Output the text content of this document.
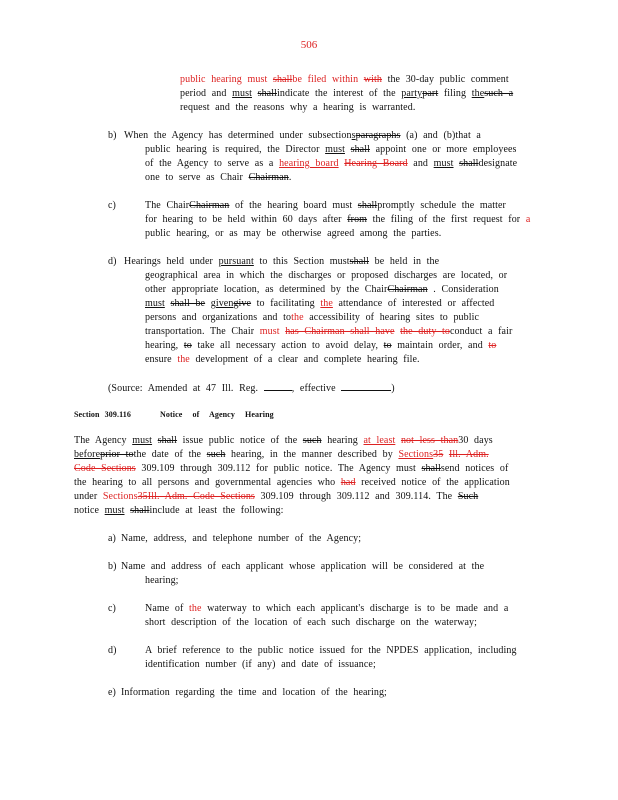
506
public hearing must shallbe filed within with the 30-day public comment
period and must shallindicate the interest of the partypart filing thesuch a
request and the reasons why a hearing is warranted.
b) When the Agency has determined under subsectionsparagraphs (a) and (b)that a
public hearing is required, the Director must shall appoint one or more employees
of the Agency to serve as a hearing board Hearing Board and must shalldesignate
one to serve as Chair Chairman.
c)	The ChairChairman of the hearing board must shallpromptly schedule the matter
for hearing to be held within 60 days after from the filing of the first request for a
public hearing, or as may be otherwise agreed among the parties.
d) Hearings held under pursuant to this Section mustshall be held in the
geographical area in which the discharges or proposed discharges are located, or
other appropriate location, as determined by the ChairChairman . Consideration
must shall be givengive to facilitating the attendance of interested or affected
persons and organizations and tothe accessibility of hearing sites to public
transportation. The Chair must has Chairman shall have the duty toconduct a fair
hearing, to take all necessary action to avoid delay, to maintain order, and to
ensure the development of a clear and complete hearing file.
(Source: Amended at 47 Ill. Reg.	, effective	)
Section 309.116	Notice of Agency Hearing
The Agency must shall issue public notice of the such hearing at least not less than30 days
beforeprior tothe date of the such hearing, in the manner described by Sections35 Ill. Adm.
Code Sections 309.109 through 309.112 for public notice. The Agency must shallsend notices of
the hearing to all persons and governmental agencies who had received notice of the application
under Sections35Ill. Adm. Code Sections 309.109 through 309.112 and 309.114. The Such
notice must shallinclude at least the following:
a) Name, address, and telephone number of the Agency;
b) Name and address of each applicant whose application will be considered at the
hearing;
c)	Name of the waterway to which each applicant's discharge is to be made and a
short description of the location of each such discharge on the waterway;
d)	A brief reference to the public notice issued for the NPDES application, including
identification number (if any) and date of issuance;
e) Information regarding the time and location of the hearing;
